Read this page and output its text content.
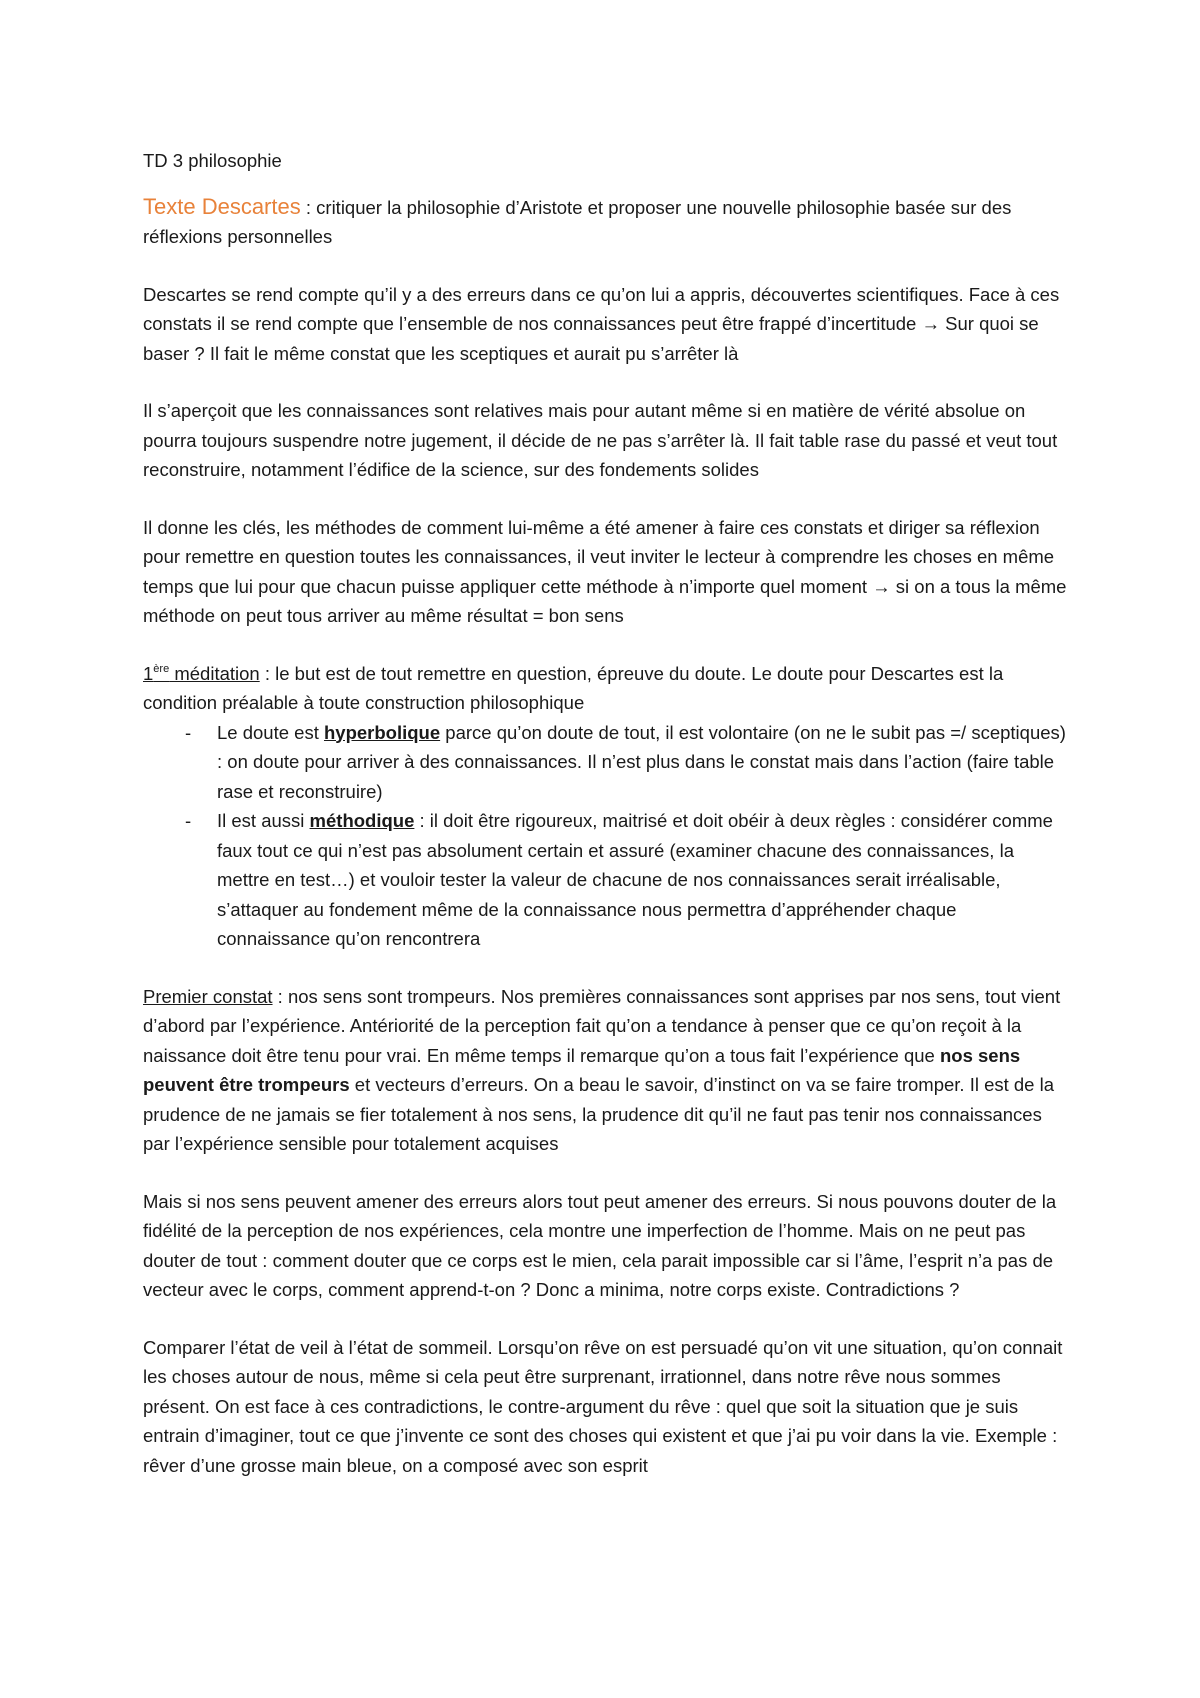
TD 3 philosophie

Texte Descartes : critiquer la philosophie d’Aristote et proposer une nouvelle philosophie basée sur des réflexions personnelles

Descartes se rend compte qu’il y a des erreurs dans ce qu’on lui a appris, découvertes scientifiques. Face à ces constats il se rend compte que l’ensemble de nos connaissances peut être frappé d’incertitude → Sur quoi se baser ? Il fait le même constat que les sceptiques et aurait pu s’arrêter là

Il s’aperçoit que les connaissances sont relatives mais pour autant même si en matière de vérité absolue on pourra toujours suspendre notre jugement, il décide de ne pas s’arrêter là. Il fait table rase du passé et veut tout reconstruire, notamment l’édifice de la science, sur des fondements solides

Il donne les clés, les méthodes de comment lui-même a été amener à faire ces constats et diriger sa réflexion pour remettre en question toutes les connaissances, il veut inviter le lecteur à comprendre les choses en même temps que lui pour que chacun puisse appliquer cette méthode à n’importe quel moment → si on a tous la même méthode on peut tous arriver au même résultat = bon sens

1ère méditation : le but est de tout remettre en question, épreuve du doute. Le doute pour Descartes est la condition préalable à toute construction philosophique

- Le doute est hyperbolique parce qu’on doute de tout, il est volontaire (on ne le subit pas =/ sceptiques) : on doute pour arriver à des connaissances. Il n’est plus dans le constat mais dans l’action (faire table rase et reconstruire)
- Il est aussi méthodique : il doit être rigoureux, maitrisé et doit obéir à deux règles : considérer comme faux tout ce qui n’est pas absolument certain et assuré (examiner chacune des connaissances, la mettre en test…) et vouloir tester la valeur de chacune de nos connaissances serait irréalisable, s’attaquer au fondement même de la connaissance nous permettra d’appréhender chaque connaissance qu’on rencontrera

Premier constat : nos sens sont trompeurs. Nos premières connaissances sont apprises par nos sens, tout vient d’abord par l’expérience. Antériorité de la perception fait qu’on a tendance à penser que ce qu’on reçoit à la naissance doit être tenu pour vrai. En même temps il remarque qu’on a tous fait l’expérience que nos sens peuvent être trompeurs et vecteurs d’erreurs. On a beau le savoir, d’instinct on va se faire tromper. Il est de la prudence de ne jamais se fier totalement à nos sens, la prudence dit qu’il ne faut pas tenir nos connaissances par l’expérience sensible pour totalement acquises

Mais si nos sens peuvent amener des erreurs alors tout peut amener des erreurs. Si nous pouvons douter de la fidélité de la perception de nos expériences, cela montre une imperfection de l’homme. Mais on ne peut pas douter de tout : comment douter que ce corps est le mien, cela parait impossible car si l’âme, l’esprit n’a pas de vecteur avec le corps, comment apprend-t-on ? Donc a minima, notre corps existe. Contradictions ?

Comparer l’état de veil à l’état de sommeil. Lorsqu’on rêve on est persuadé qu’on vit une situation, qu’on connait les choses autour de nous, même si cela peut être surprenant, irrationnel, dans notre rêve nous sommes présent. On est face à ces contradictions, le contre-argument du rêve : quel que soit la situation que je suis entrain d’imaginer, tout ce que j’invente ce sont des choses qui existent et que j’ai pu voir dans la vie. Exemple : rêver d’une grosse main bleue, on a composé avec son esprit
